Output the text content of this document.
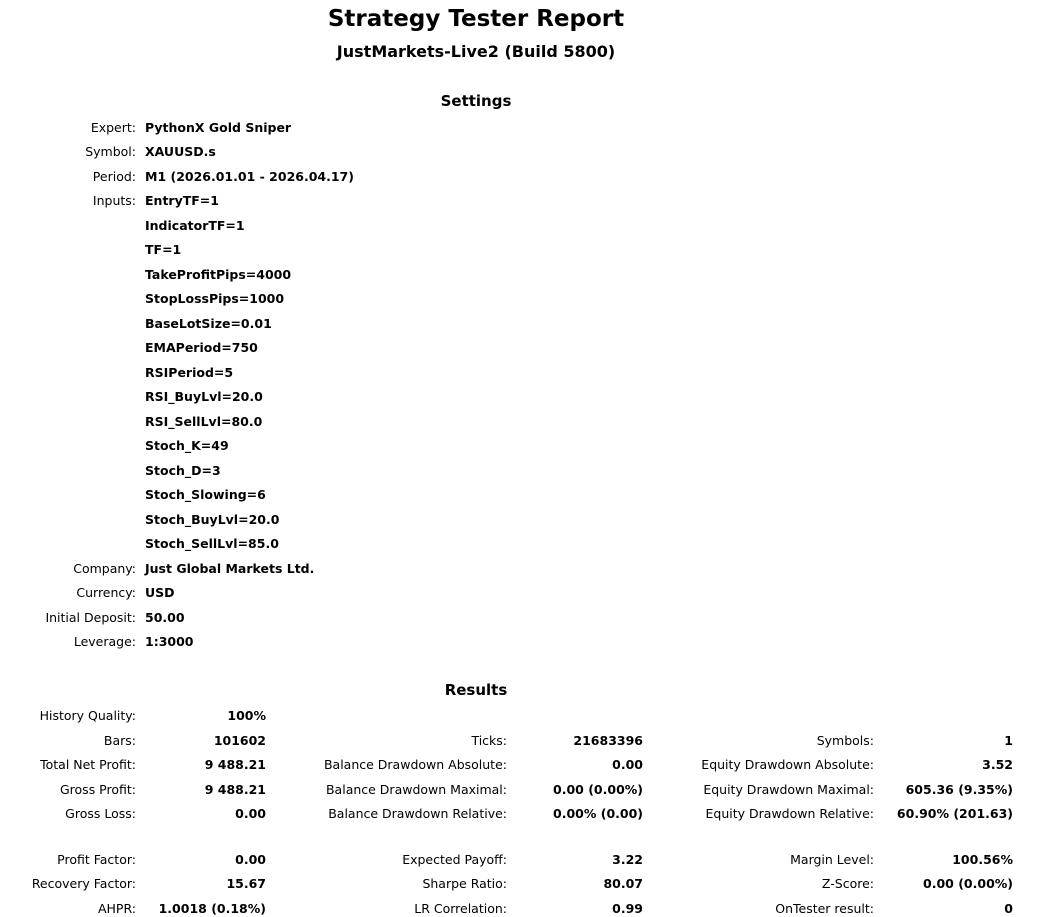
Strategy Tester Report
JustMarkets-Live2 (Build 5800)
Settings
Expert: PythonX Gold Sniper
Symbol: XAUUSD.s
Period: M1 (2026.01.01 - 2026.04.17)
Inputs: EntryTF=1
IndicatorTF=1
TF=1
TakeProfitPips=4000
StopLossPips=1000
BaseLotSize=0.01
EMAPeriod=750
RSIPeriod=5
RSI_BuyLvl=20.0
RSI_SellLvl=80.0
Stoch_K=49
Stoch_D=3
Stoch_Slowing=6
Stoch_BuyLvl=20.0
Stoch_SellLvl=85.0
Company: Just Global Markets Ltd.
Currency: USD
Initial Deposit: 50.00
Leverage: 1:3000
Results
History Quality:	100%
Bars:	101602	Ticks:	21683396	Symbols:	1
Total Net Profit:	9 488.21	Balance Drawdown Absolute:	0.00	Equity Drawdown Absolute:	3.52
Gross Profit:	9 488.21	Balance Drawdown Maximal:	0.00 (0.00%)	Equity Drawdown Maximal:	605.36 (9.35%)
Gross Loss:	0.00	Balance Drawdown Relative:	0.00% (0.00)	Equity Drawdown Relative: 60.90% (201.63)
Profit Factor:	0.00	Expected Payoff:	3.22	Margin Level:	100.56%
Recovery Factor:	15.67	Sharpe Ratio:	80.07	Z-Score:	0.00 (0.00%)
AHPR: 1.0018 (0.18%)	LR Correlation:	0.99	OnTester result:	0
